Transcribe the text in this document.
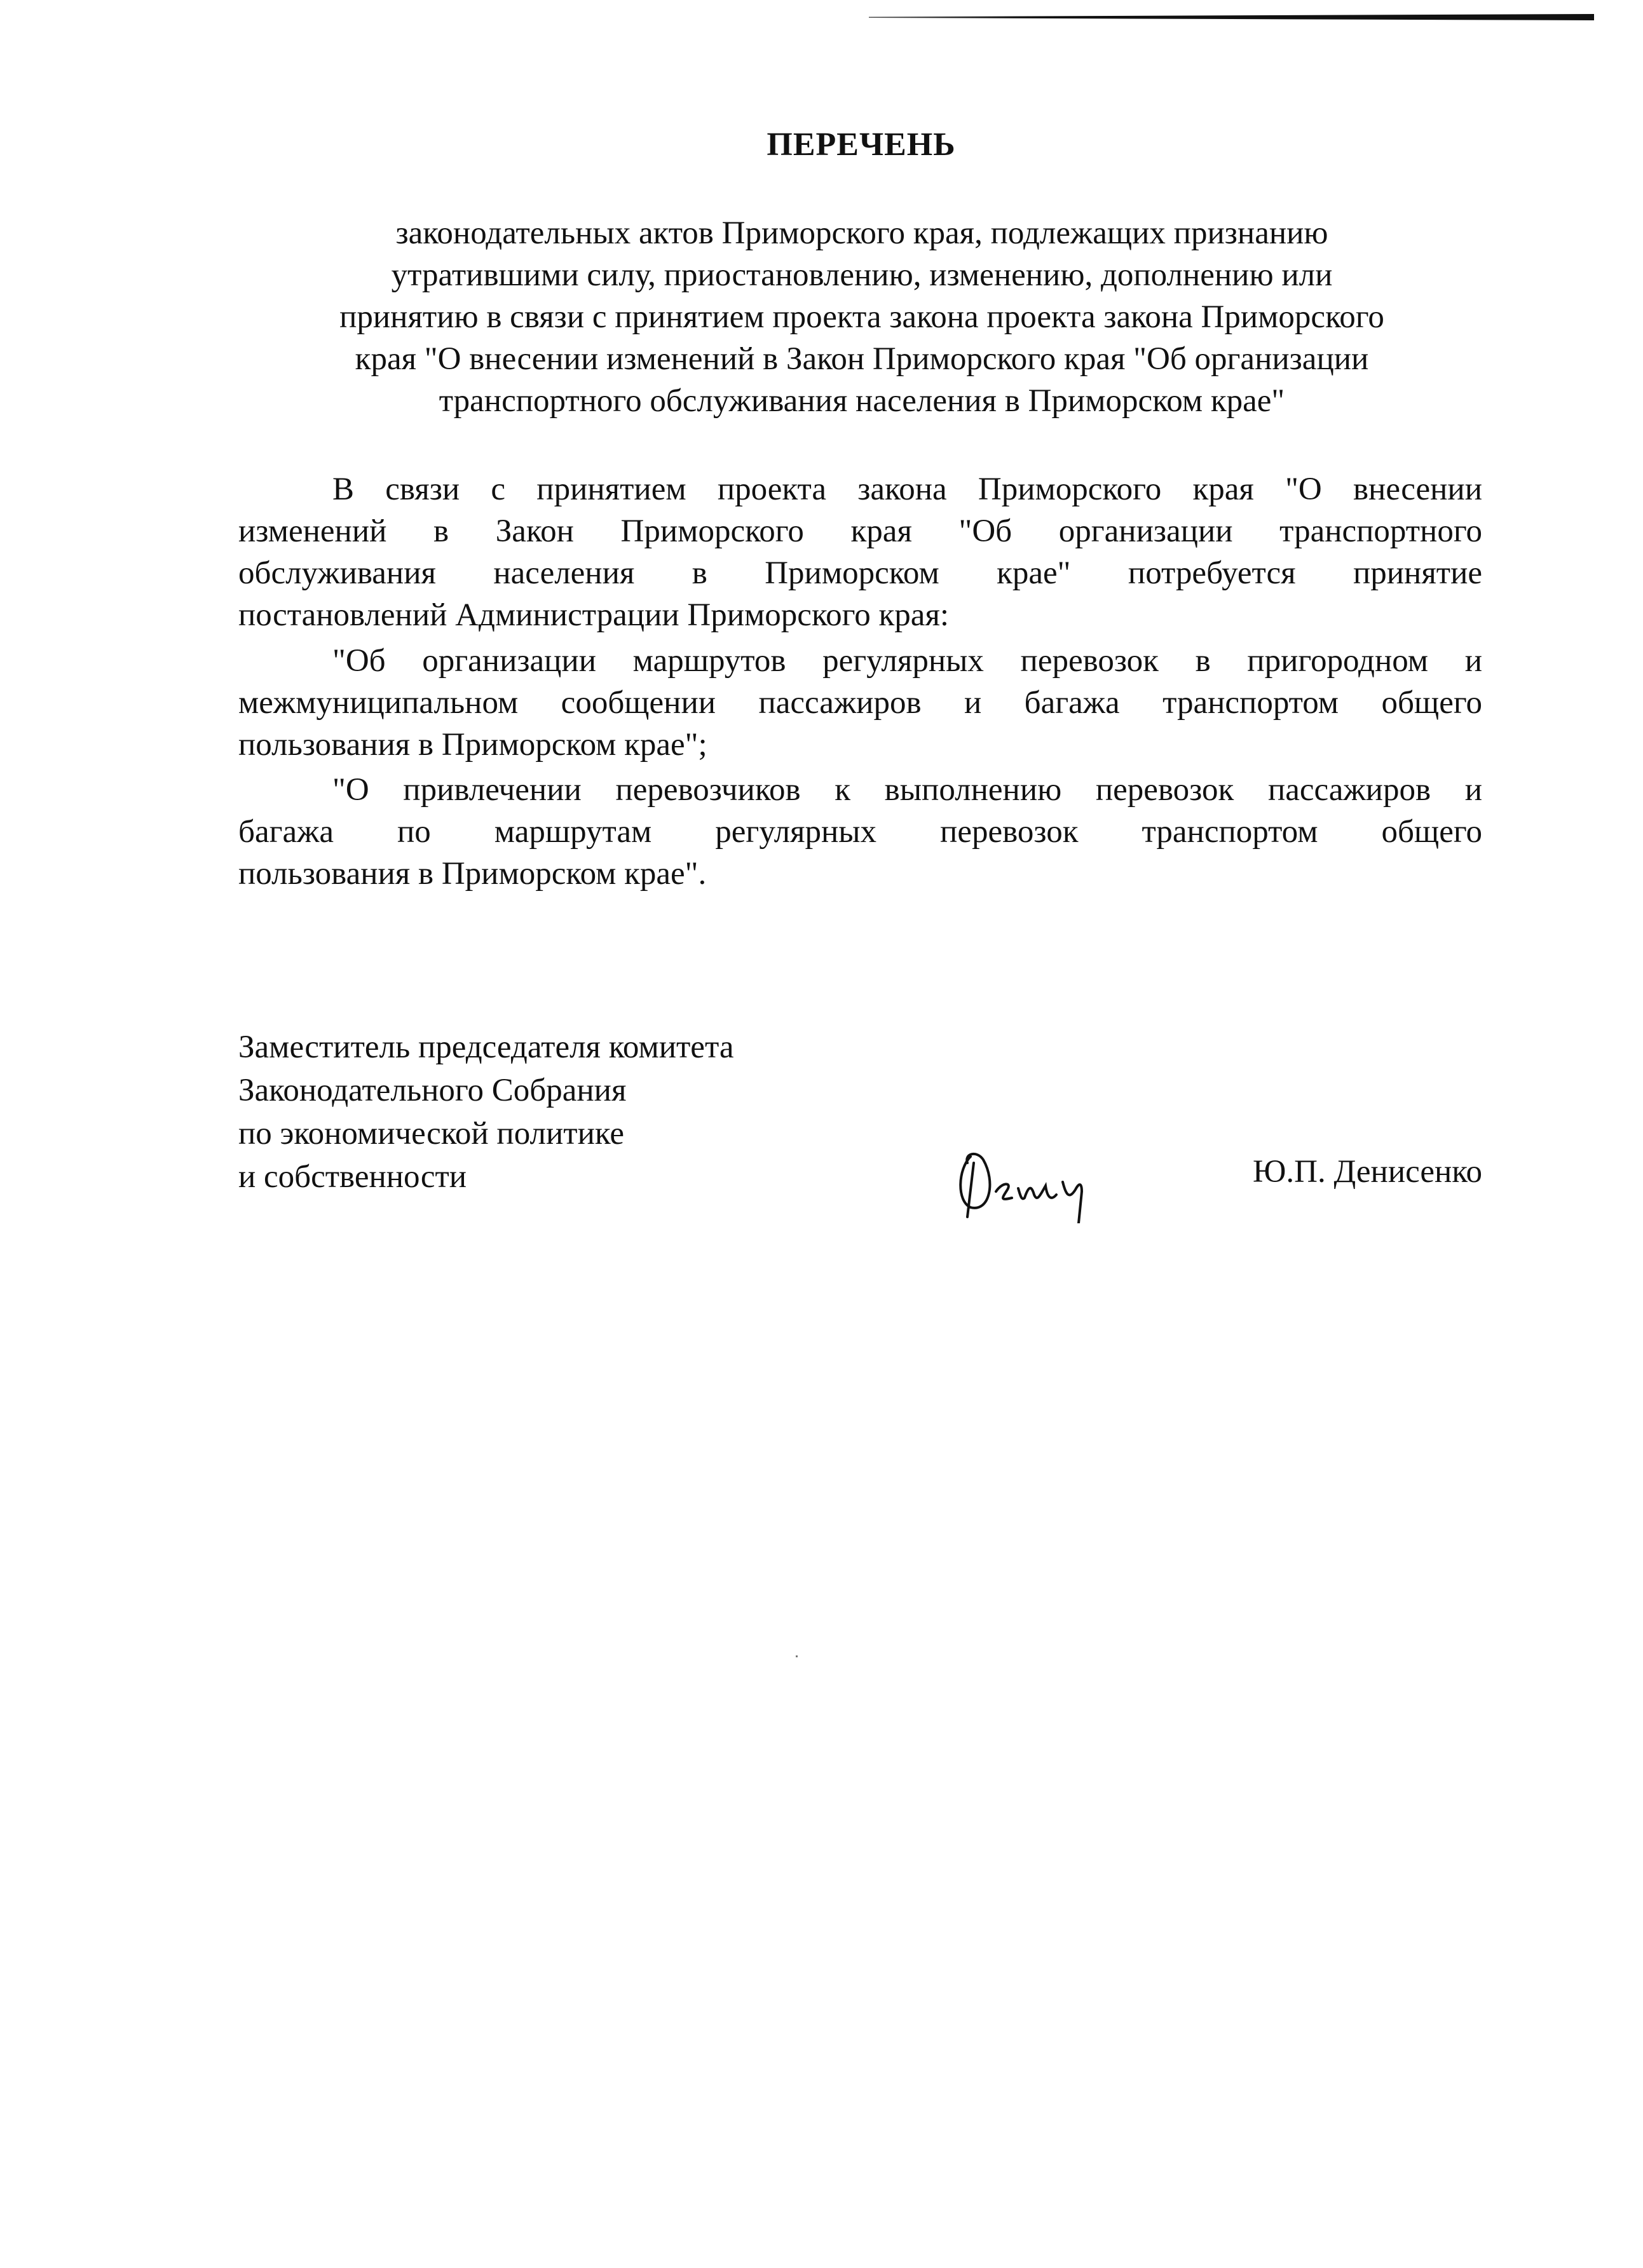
ПЕРЕЧЕНЬ
законодательных актов Приморского края, подлежащих признанию
утратившими силу, приостановлению, изменению, дополнению или
принятию в связи с принятием проекта закона проекта закона Приморского
края "О внесении изменений в Закон Приморского края "Об организации
транспортного обслуживания населения в Приморском крае"
В связи с принятием проекта закона Приморского края "О внесении
изменений в Закон Приморского края "Об организации транспортного
обслуживания населения в Приморском крае" потребуется принятие
постановлений Администрации Приморского края:
"Об организации маршрутов регулярных перевозок в пригородном и
межмуниципальном сообщении пассажиров и багажа транспортом общего
пользования в Приморском крае";
"О привлечении перевозчиков к выполнению перевозок пассажиров и
багажа по маршрутам регулярных перевозок транспортом общего
пользования в Приморском крае".
Заместитель председателя комитета
Законодательного Собрания
по экономической политике
и собственности	Ю.П. Денисенко
